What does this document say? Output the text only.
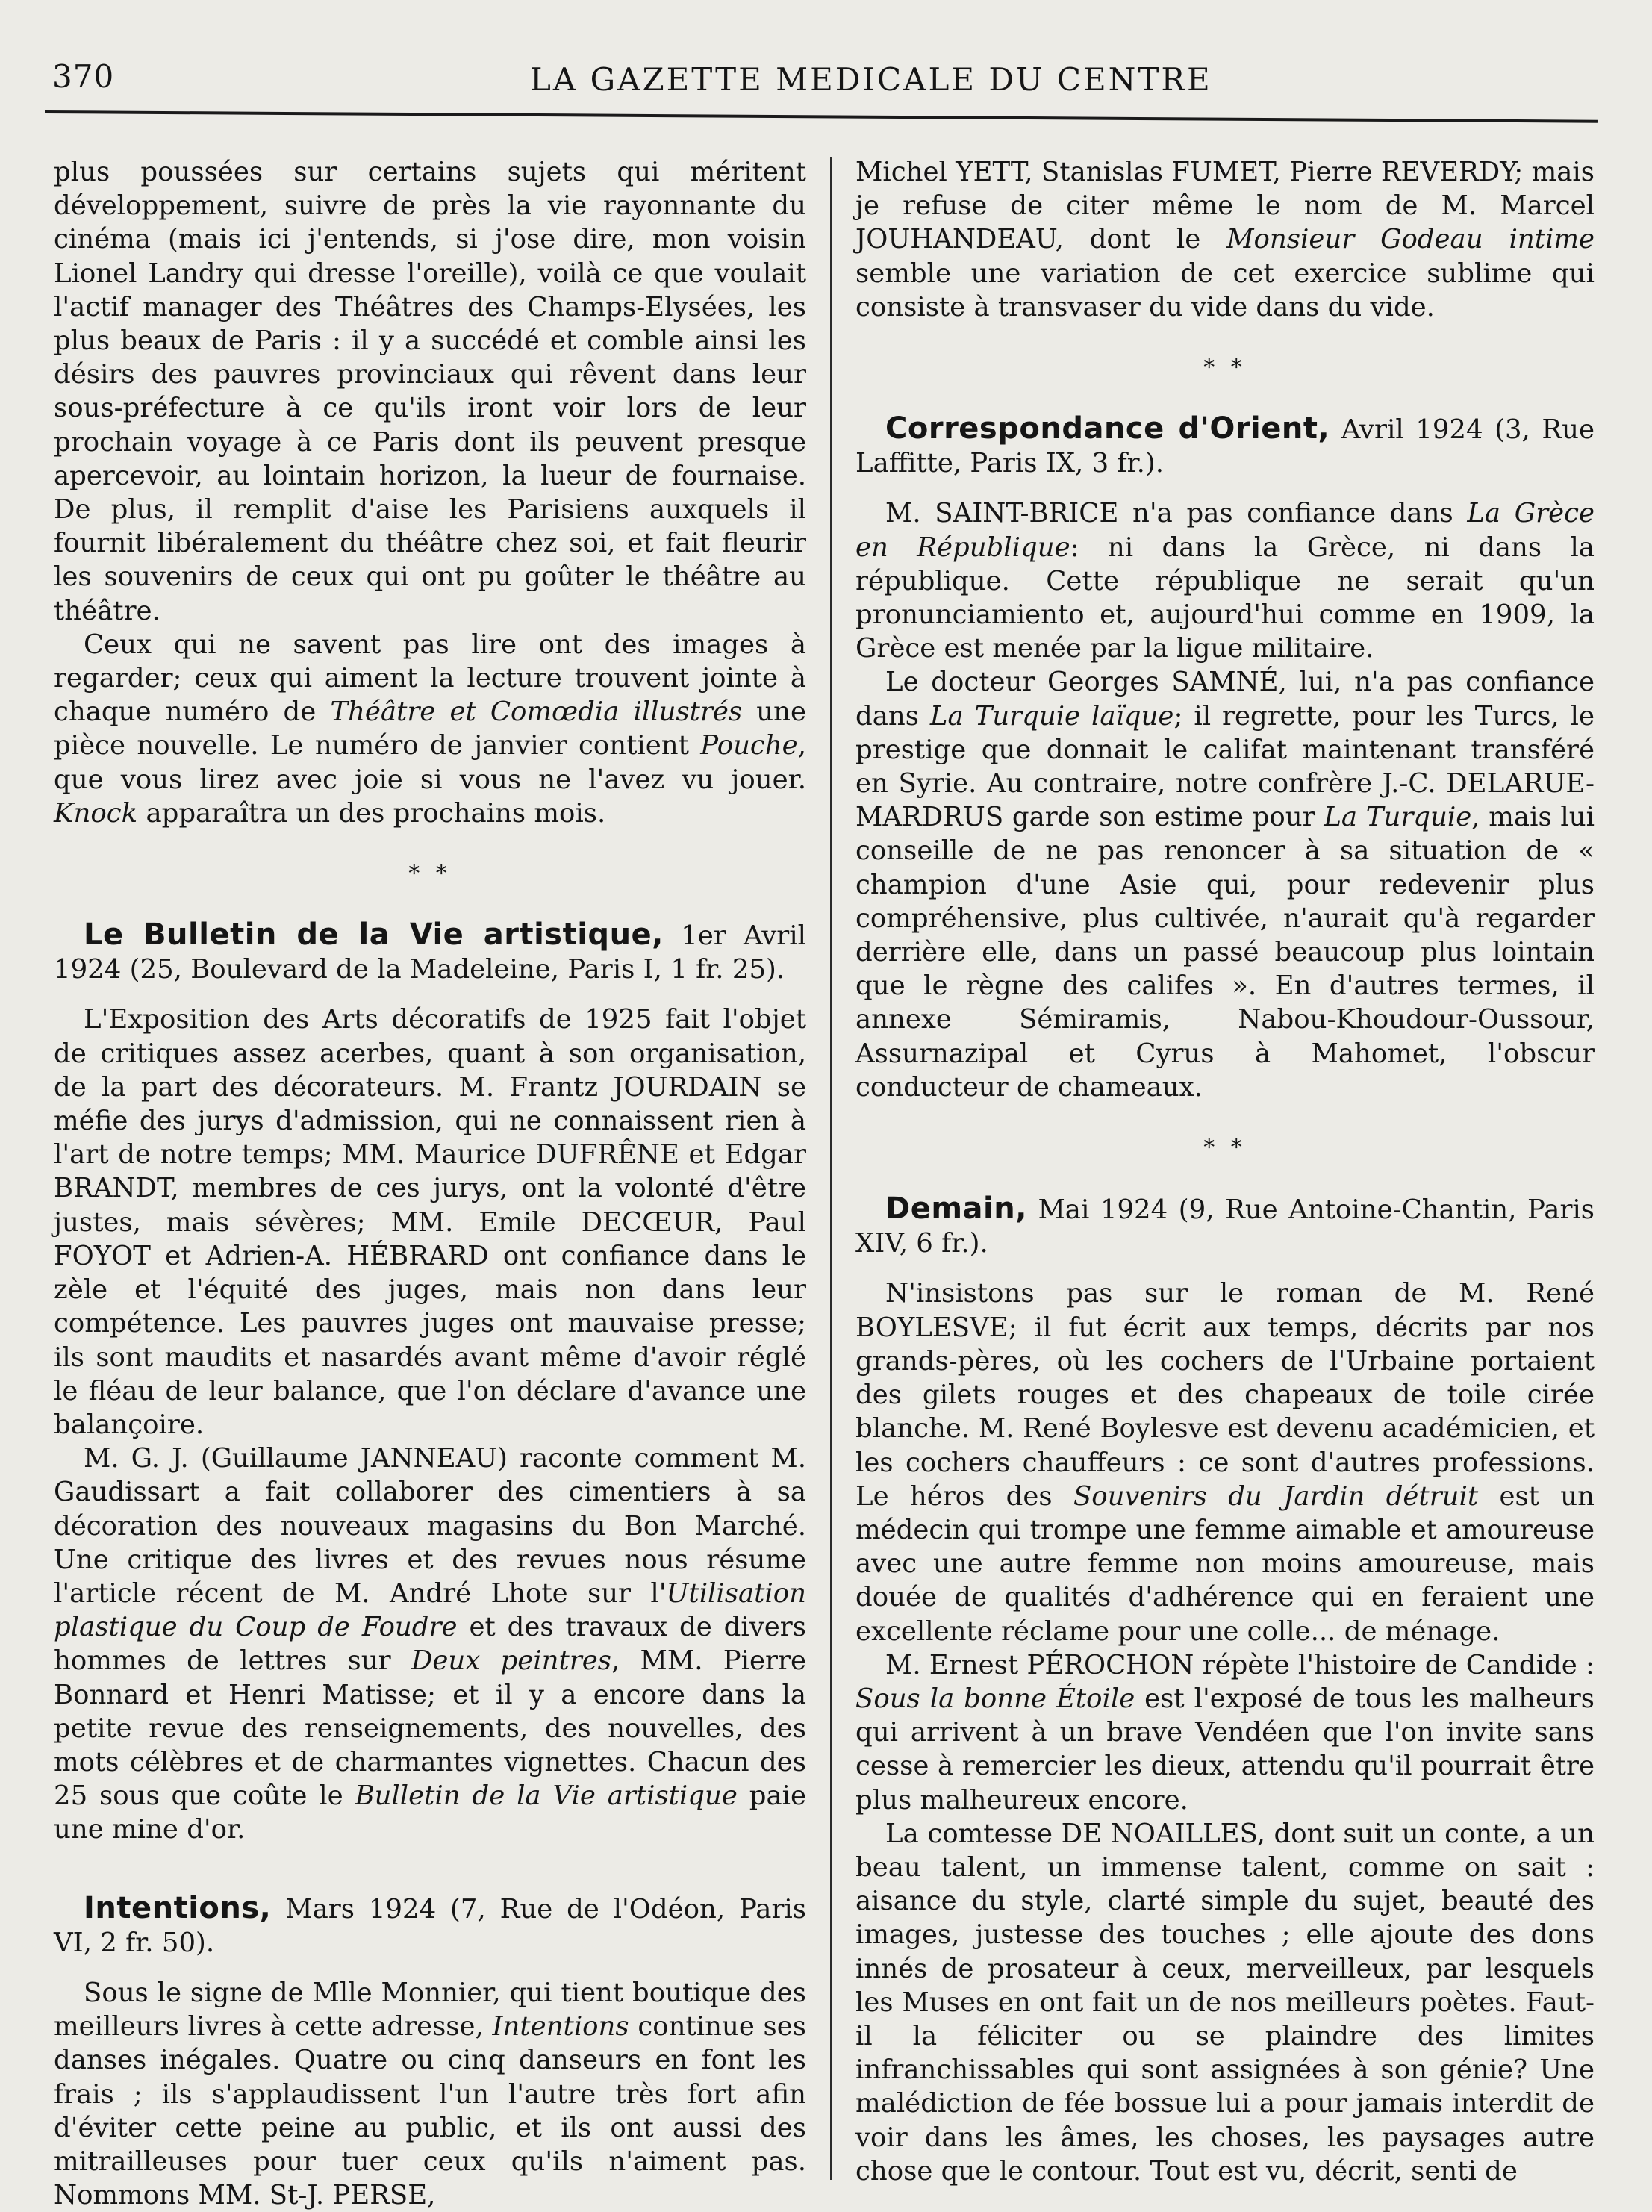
370	LA GAZETTE MEDICALE DU CENTRE

plus poussées sur certains sujets qui méritent développement, suivre de près la vie rayonnante du cinéma (mais ici j'entends, si j'ose dire, mon voisin Lionel Landry qui dresse l'oreille), voilà ce que voulait l'actif manager des Théâtres des Champs-Elysées, les plus beaux de Paris : il y a succédé et comble ainsi les désirs des pauvres provinciaux qui rêvent dans leur sous-préfecture à ce qu'ils iront voir lors de leur prochain voyage à ce Paris dont ils peuvent presque apercevoir, au lointain horizon, la lueur de fournaise. De plus, il remplit d'aise les Parisiens auxquels il fournit libéralement du théâtre chez soi, et fait fleurir les souvenirs de ceux qui ont pu goûter le théâtre au théâtre.

Ceux qui ne savent pas lire ont des images à regarder; ceux qui aiment la lecture trouvent jointe à chaque numéro de Théâtre et Comœdia illustrés une pièce nouvelle. Le numéro de janvier contient Pouche, que vous lirez avec joie si vous ne l'avez vu jouer. Knock apparaîtra un des prochains mois.

* *

Le Bulletin de la Vie artistique, 1er Avril 1924 (25, Boulevard de la Madeleine, Paris I, 1 fr. 25).

L'Exposition des Arts décoratifs de 1925 fait l'objet de critiques assez acerbes, quant à son organisation, de la part des décorateurs. M. Frantz JOURDAIN se méfie des jurys d'admission, qui ne connaissent rien à l'art de notre temps; MM. Maurice DUFRÊNE et Edgar BRANDT, membres de ces jurys, ont la volonté d'être justes, mais sévères; MM. Emile DECŒUR, Paul FOYOT et Adrien-A. HÉBRARD ont confiance dans le zèle et l'équité des juges, mais non dans leur compétence. Les pauvres juges ont mauvaise presse; ils sont maudits et nasardés avant même d'avoir réglé le fléau de leur balance, que l'on déclare d'avance une balançoire.

M. G. J. (Guillaume JANNEAU) raconte comment M. Gaudissart a fait collaborer des cimentiers à sa décoration des nouveaux magasins du Bon Marché. Une critique des livres et des revues nous résume l'article récent de M. André Lhote sur l'Utilisation plastique du Coup de Foudre et des travaux de divers hommes de lettres sur Deux peintres, MM. Pierre Bonnard et Henri Matisse; et il y a encore dans la petite revue des renseignements, des nouvelles, des mots célèbres et de charmantes vignettes. Chacun des 25 sous que coûte le Bulletin de la Vie artistique paie une mine d'or.

Intentions, Mars 1924 (7, Rue de l'Odéon, Paris VI, 2 fr. 50).

Sous le signe de Mlle Monnier, qui tient boutique des meilleurs livres à cette adresse, Intentions continue ses danses inégales. Quatre ou cinq danseurs en font les frais ; ils s'applaudissent l'un l'autre très fort afin d'éviter cette peine au public, et ils ont aussi des mitrailleuses pour tuer ceux qu'ils n'aiment pas. Nommons MM. St-J. PERSE,

Michel YETT, Stanislas FUMET, Pierre REVERDY; mais je refuse de citer même le nom de M. Marcel JOUHANDEAU, dont le Monsieur Godeau intime semble une variation de cet exercice sublime qui consiste à transvaser du vide dans du vide.

* *

Correspondance d'Orient, Avril 1924 (3, Rue Laffitte, Paris IX, 3 fr.).

M. SAINT-BRICE n'a pas confiance dans La Grèce en République: ni dans la Grèce, ni dans la république. Cette république ne serait qu'un pronunciamiento et, aujourd'hui comme en 1909, la Grèce est menée par la ligue militaire.

Le docteur Georges SAMNÉ, lui, n'a pas confiance dans La Turquie laïque; il regrette, pour les Turcs, le prestige que donnait le califat maintenant transféré en Syrie. Au contraire, notre confrère J.-C. DELARUE-MARDRUS garde son estime pour La Turquie, mais lui conseille de ne pas renoncer à sa situation de « champion d'une Asie qui, pour redevenir plus compréhensive, plus cultivée, n'aurait qu'à regarder derrière elle, dans un passé beaucoup plus lointain que le règne des califes ». En d'autres termes, il annexe Sémiramis, Nabou-Khoudour-Oussour, Assurnazipal et Cyrus à Mahomet, l'obscur conducteur de chameaux.

* *

Demain, Mai 1924 (9, Rue Antoine-Chantin, Paris XIV, 6 fr.).

N'insistons pas sur le roman de M. René BOYLESVE; il fut écrit aux temps, décrits par nos grands-pères, où les cochers de l'Urbaine portaient des gilets rouges et des chapeaux de toile cirée blanche. M. René Boylesve est devenu académicien, et les cochers chauffeurs : ce sont d'autres professions. Le héros des Souvenirs du Jardin détruit est un médecin qui trompe une femme aimable et amoureuse avec une autre femme non moins amoureuse, mais douée de qualités d'adhérence qui en feraient une excellente réclame pour une colle... de ménage.

M. Ernest PÉROCHON répète l'histoire de Candide : Sous la bonne Étoile est l'exposé de tous les malheurs qui arrivent à un brave Vendéen que l'on invite sans cesse à remercier les dieux, attendu qu'il pourrait être plus malheureux encore.

La comtesse DE NOAILLES, dont suit un conte, a un beau talent, un immense talent, comme on sait : aisance du style, clarté simple du sujet, beauté des images, justesse des touches ; elle ajoute des dons innés de prosateur à ceux, merveilleux, par lesquels les Muses en ont fait un de nos meilleurs poètes. Faut-il la féliciter ou se plaindre des limites infranchissables qui sont assignées à son génie? Une malédiction de fée bossue lui a pour jamais interdit de voir dans les âmes, les choses, les paysages autre chose que le contour. Tout est vu, décrit, senti de
